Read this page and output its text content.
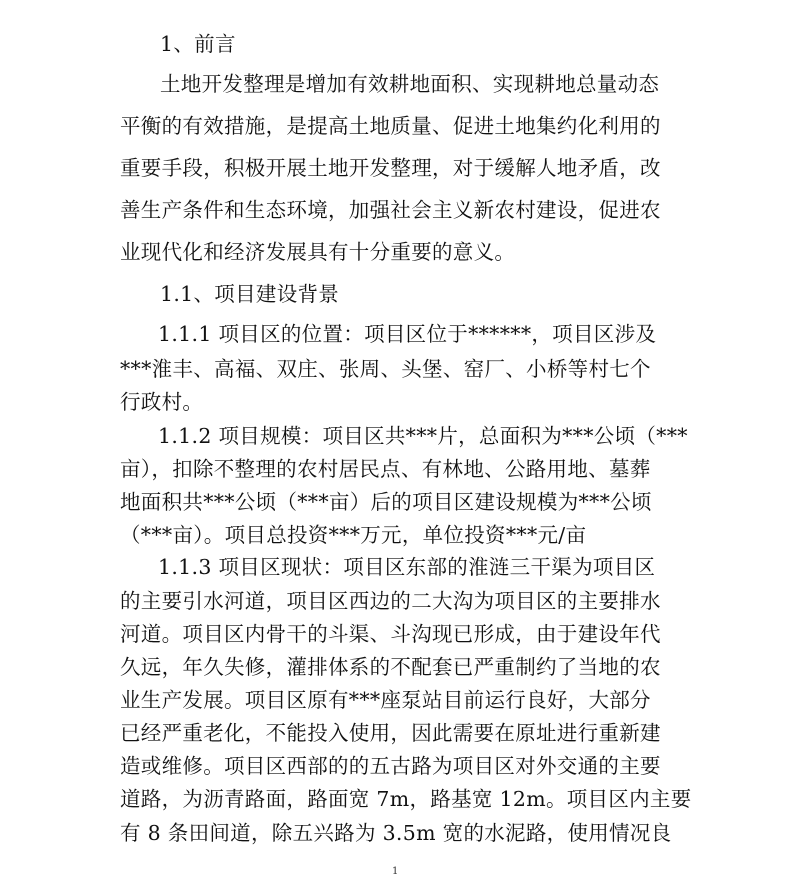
1、前言
土地开发整理是增加有效耕地面积、实现耕地总量动态
平衡的有效措施，是提高土地质量、促进土地集约化利用的
重要手段，积极开展土地开发整理，对于缓解人地矛盾，改
善生产条件和生态环境，加强社会主义新农村建设，促进农
业现代化和经济发展具有十分重要的意义。
1.1、项目建设背景
1.1.1 项目区的位置：项目区位于******，项目区涉及
***淮丰、高福、双庄、张周、头堡、窑厂、小桥等村七个
行政村。
1.1.2 项目规模：项目区共***片，总面积为***公顷（***
亩），扣除不整理的农村居民点、有林地、公路用地、墓葬
地面积共***公顷（***亩）后的项目区建设规模为***公顷
（***亩）。项目总投资***万元，单位投资***元/亩
1.1.3 项目区现状：项目区东部的淮涟三干渠为项目区
的主要引水河道，项目区西边的二大沟为项目区的主要排水
河道。项目区内骨干的斗渠、斗沟现已形成，由于建设年代
久远，年久失修，灌排体系的不配套已严重制约了当地的农
业生产发展。项目区原有***座泵站目前运行良好，大部分
已经严重老化，不能投入使用，因此需要在原址进行重新建
造或维修。项目区西部的的五古路为项目区对外交通的主要
道路，为沥青路面，路面宽 7m，路基宽 12m。项目区内主要
有 8 条田间道，除五兴路为 3.5m 宽的水泥路，使用情况良
1
